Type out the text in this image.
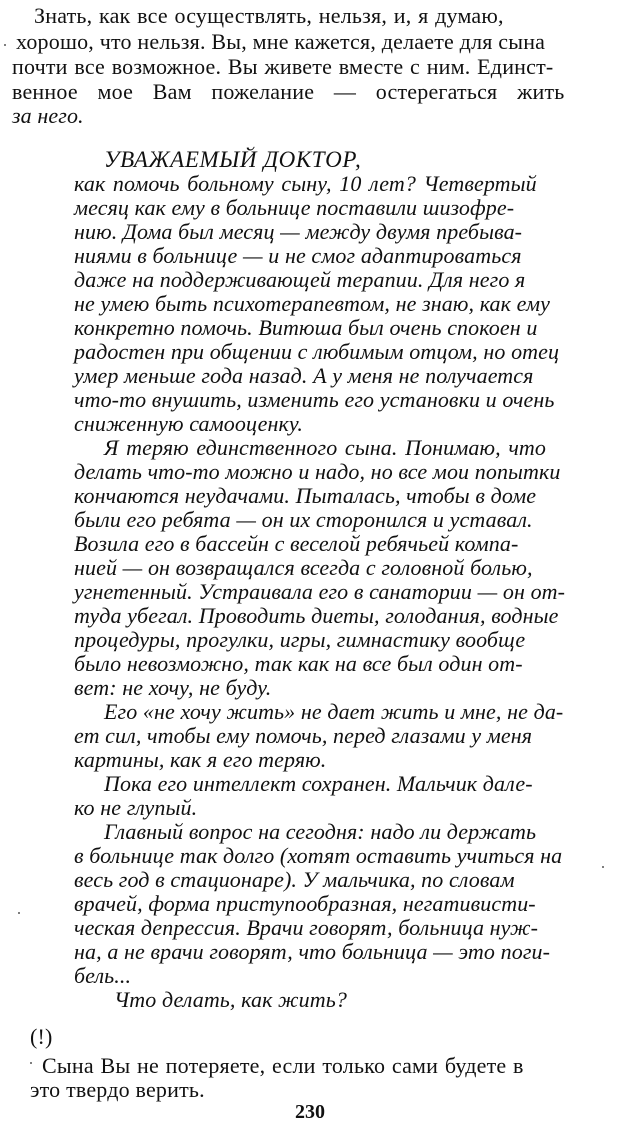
Знать, как все осуществлять, нельзя, и, я думаю,
хорошо, что нельзя. Вы, мне кажется, делаете для сына
почти все возможное. Вы живете вместе с ним. Единст-
венное мое Вам пожелание — остерегаться жить
за него.
УВАЖАЕМЫЙ ДОКТОР,
как помочь больному сыну, 10 лет? Четвертый
месяц как ему в больнице поставили шизофре-
нию. Дома был месяц — между двумя пребыва-
ниями в больнице — и не смог адаптироваться
даже на поддерживающей терапии. Для него я
не умею быть психотерапевтом, не знаю, как ему
конкретно помочь. Витюша был очень спокоен и
радостен при общении с любимым отцом, но отец
умер меньше года назад. А у меня не получается
что-то внушить, изменить его установки и очень
сниженную самооценку.
Я теряю единственного сына. Понимаю, что
делать что-то можно и надо, но все мои попытки
кончаются неудачами. Пыталась, чтобы в доме
были его ребята — он их сторонился и уставал.
Возила его в бассейн с веселой ребячьей компа-
нией — он возвращался всегда с головной болью,
угнетенный. Устраивала его в санатории — он от-
туда убегал. Проводить диеты, голодания, водные
процедуры, прогулки, игры, гимнастику вообще
было невозможно, так как на все был один от-
вет: не хочу, не буду.
Его «не хочу жить» не дает жить и мне, не да-
ет сил, чтобы ему помочь, перед глазами у меня
картины, как я его теряю.
Пока его интеллект сохранен. Мальчик дале-
ко не глупый.
Главный вопрос на сегодня: надо ли держать
в больнице так долго (хотят оставить учиться на
весь год в стационаре). У мальчика, по словам
врачей, форма приступообразная, негативисти-
ческая депрессия. Врачи говорят, больница нуж-
на, а не врачи говорят, что больница — это поги-
бель...
Что делать, как жить?
(!)
Сына Вы не потеряете, если только сами будете в
это твердо верить.
230
